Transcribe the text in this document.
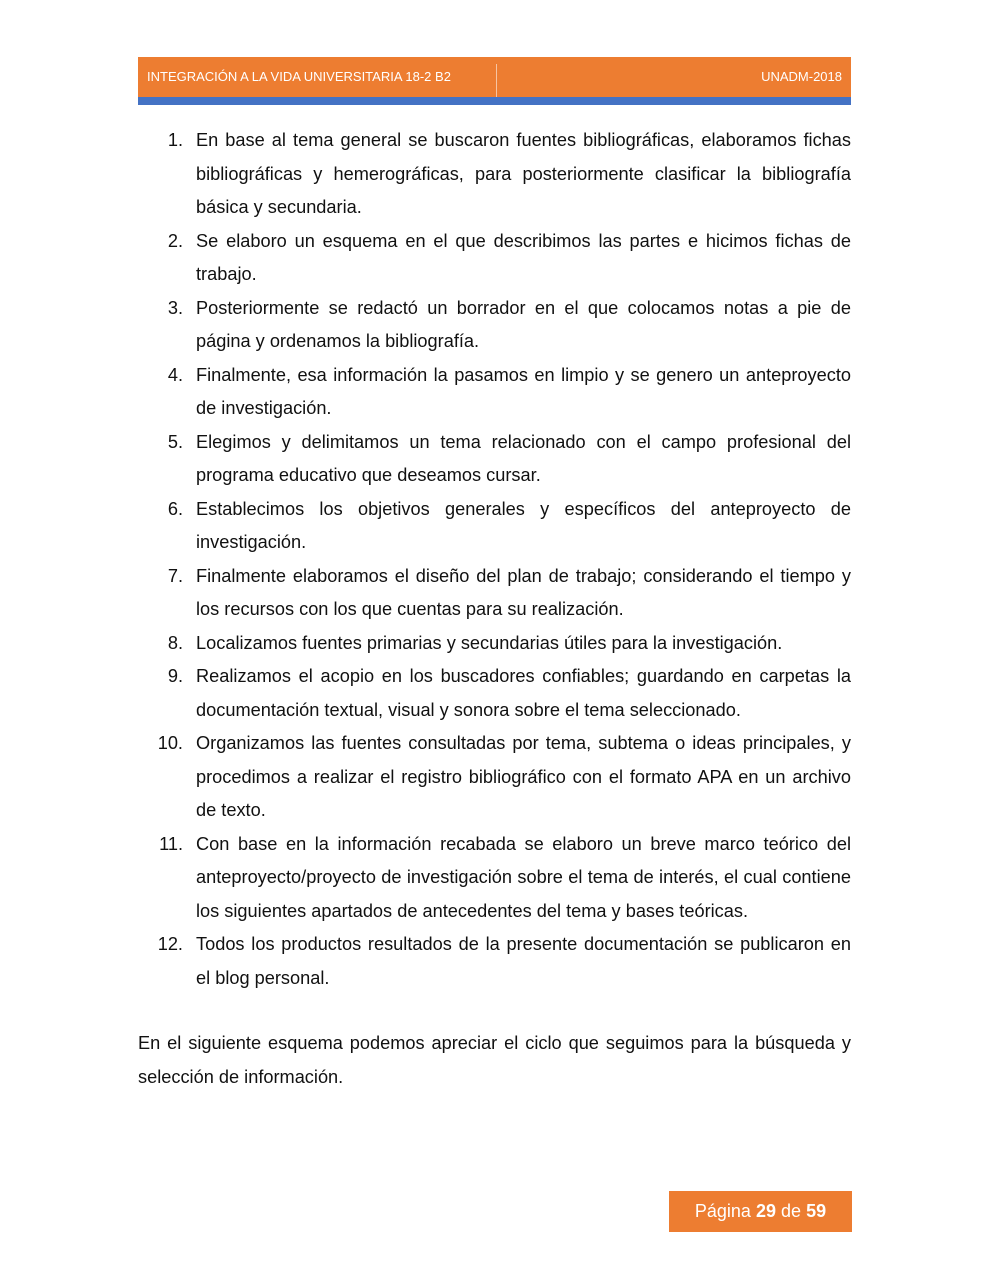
INTEGRACIÓN A LA VIDA UNIVERSITARIA 18-2 B2	UNADM-2018
1. En base al tema general se buscaron fuentes bibliográficas, elaboramos fichas bibliográficas y hemerográficas, para posteriormente clasificar la bibliografía básica y secundaria.
2. Se elaboro un esquema en el que describimos las partes e hicimos fichas de trabajo.
3. Posteriormente se redactó un borrador en el que colocamos notas a pie de página y ordenamos la bibliografía.
4. Finalmente, esa información la pasamos en limpio y se genero un anteproyecto de investigación.
5. Elegimos y delimitamos un tema relacionado con el campo profesional del programa educativo que deseamos cursar.
6. Establecimos los objetivos generales y específicos del anteproyecto de investigación.
7. Finalmente elaboramos el diseño del plan de trabajo; considerando el tiempo y los recursos con los que cuentas para su realización.
8. Localizamos fuentes primarias y secundarias útiles para la investigación.
9. Realizamos el acopio en los buscadores confiables; guardando en carpetas la documentación textual, visual y sonora sobre el tema seleccionado.
10. Organizamos las fuentes consultadas por tema, subtema o ideas principales, y procedimos a realizar el registro bibliográfico con el formato APA en un archivo de texto.
11. Con base en la información recabada se elaboro un breve marco teórico del anteproyecto/proyecto de investigación sobre el tema de interés, el cual contiene los siguientes apartados de antecedentes del tema y bases teóricas.
12. Todos los productos resultados de la presente documentación se publicaron en el blog personal.

En el siguiente esquema podemos apreciar el ciclo que seguimos para la búsqueda y selección de información.

Página
29
de
59
